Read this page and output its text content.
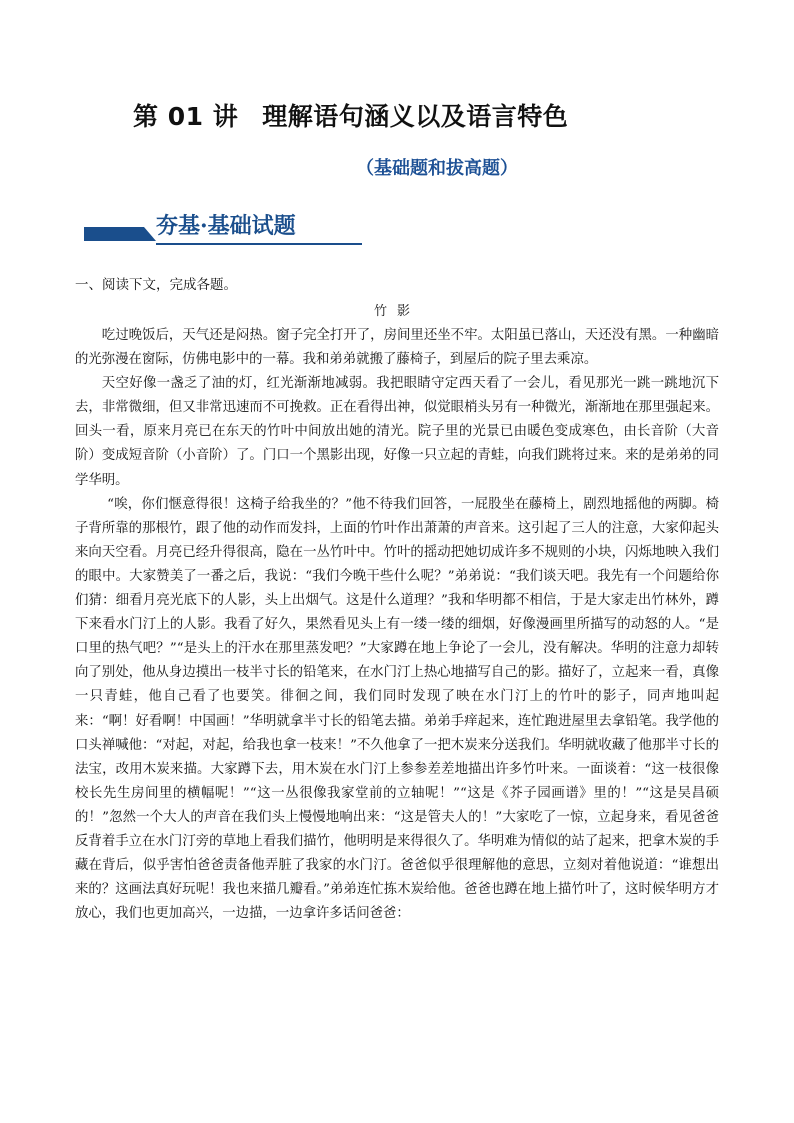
第 01 讲 理解语句涵义以及语言特色
（基础题和拔高题）
夯基·基础试题
一、阅读下文，完成各题。
竹影

吃过晚饭后，天气还是闷热。窗子完全打开了，房间里还坐不牢。太阳虽已落山，天还没有黑。一种幽暗的光弥漫在窗际，仿佛电影中的一幕。我和弟弟就搬了藤椅子，到屋后的院子里去乘凉。

天空好像一盏乏了油的灯，红光渐渐地减弱。我把眼睛守定西天看了一会儿，看见那光一跳一跳地沉下去，非常微细，但又非常迅速而不可挽救。正在看得出神，似觉眼梢头另有一种微光，渐渐地在那里强起来。回头一看，原来月亮已在东天的竹叶中间放出她的清光。院子里的光景已由暖色变成寒色，由长音阶（大音阶）变成短音阶（小音阶）了。门口一个黑影出现，好像一只立起的青蛙，向我们跳将过来。来的是弟弟的同学华明。

“唉，你们惬意得很！这椅子给我坐的？”他不待我们回答，一屁股坐在藤椅上，剧烈地摇他的两脚。椅子背所靠的那根竹，跟了他的动作而发抖，上面的竹叶作出萧萧的声音来。这引起了三人的注意，大家仰起头来向天空看。月亮已经升得很高，隐在一丛竹叶中。竹叶的摇动把她切成许多不规则的小块，闪烁地映入我们的眼中。大家赞美了一番之后，我说：“我们今晚干些什么呢？”弟弟说：“我们谈天吧。我先有一个问题给你们猜：细看月亮光底下的人影，头上出烟气。这是什么道理？”我和华明都不相信，于是大家走出竹林外，蹲下来看水门汀上的人影。我看了好久，果然看见头上有一缕一缕的细烟，好像漫画里所描写的动怒的人。“是口里的热气吧？”“是头上的汗水在那里蒸发吧？”大家蹲在地上争论了一会儿，没有解决。华明的注意力却转向了别处，他从身边摸出一枝半寸长的铅笔来，在水门汀上热心地描写自己的影。描好了，立起来一看，真像一只青蛙，他自己看了也要笑。徘徊之间，我们同时发现了映在水门汀上的竹叶的影子，同声地叫起来：“啊！好看啊！中国画！”华明就拿半寸长的铅笔去描。弟弟手痒起来，连忙跑进屋里去拿铅笔。我学他的口头禅喊他：“对起，对起，给我也拿一枝来！”不久他拿了一把木炭来分送我们。华明就收藏了他那半寸长的法宝，改用木炭来描。大家蹲下去，用木炭在水门汀上参参差差地描出许多竹叶来。一面谈着：“这一枝很像校长先生房间里的横幅呢！”“这一丛很像我家堂前的立轴呢！”“这是《芥子园画谱》里的！”“这是吴昌硕的！”忽然一个大人的声音在我们头上慢慢地响出来：“这是管夫人的！”大家吃了一惊，立起身来，看见爸爸反背着手立在水门汀旁的草地上看我们描竹，他明明是来得很久了。华明难为情似的站了起来，把拿木炭的手藏在背后，似乎害怕爸爸责备他弄脏了我家的水门汀。爸爸似乎很理解他的意思，立刻对着他说道：“谁想出来的？这画法真好玩呢！我也来描几瓣看。”弟弟连忙拣木炭给他。爸爸也蹲在地上描竹叶了，这时候华明方才放心，我们也更加高兴，一边描，一边拿许多话问爸爸：
